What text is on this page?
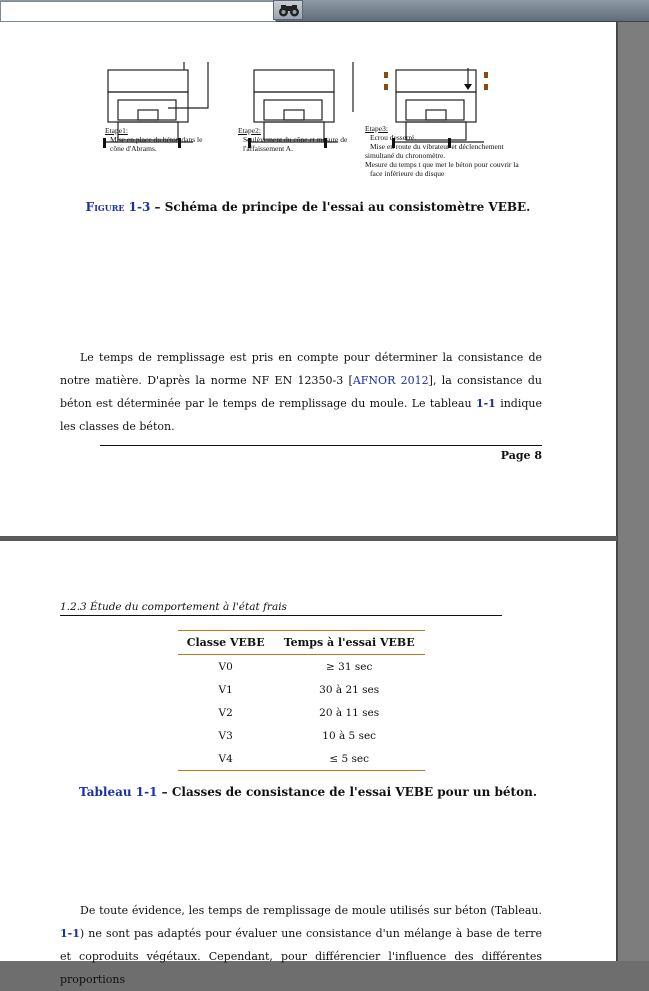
Etape1:
Mise en place du béton dans le
cône d'Abrams.
Etape2:
Soulèvement du cône et mesure de
l'affaissement A.
Etape3:
Ecrou desserré.
Mise en route du vibrateur et déclenchement
simultané du chronomètre.
Mesure du temps t que met le béton pour couvrir la
face inférieure du disque
Figure 1-3 – Schéma de principe de l'essai au consistomètre VEBE.
Le temps de remplissage est pris en compte pour déterminer la consistance de notre matière. D'après la norme NF EN 12350-3 [AFNOR 2012], la consistance du béton est déterminée par le temps de remplissage du moule. Le tableau 1-1 indique les classes de béton.
Page 8
1.2.3 Étude du comportement à l'état frais
Classe VEBE	Temps à l'essai VEBE
V0	≥ 31 sec
V1	30 à 21 ses
V2	20 à 11 ses
V3	10 à 5 sec
V4	≤ 5 sec
Tableau 1-1 – Classes de consistance de l'essai VEBE pour un béton.
De toute évidence, les temps de remplissage de moule utilisés sur béton (Tableau. 1-1) ne sont pas adaptés pour évaluer une consistance d'un mélange à base de terre et coproduits végétaux. Cependant, pour différencier l'influence des différentes proportions
